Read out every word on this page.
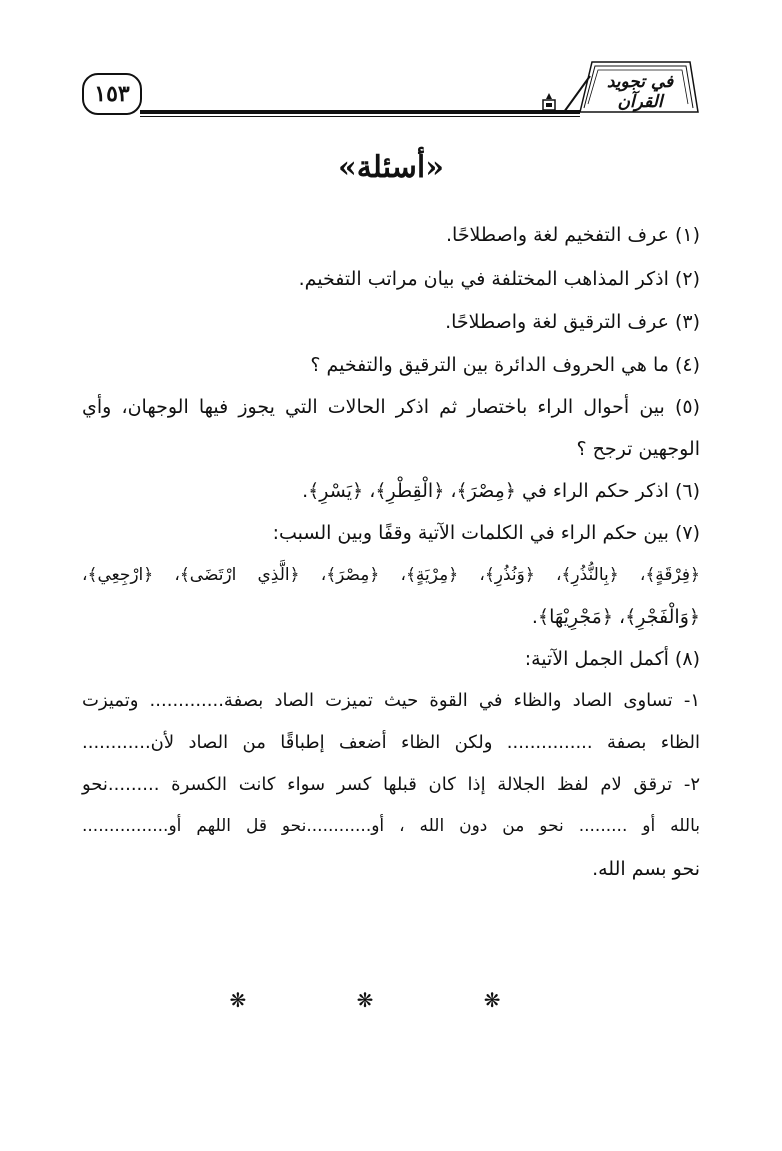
١٥٣	في تجويد القرآن
«أسئلة»
(١) عرف التفخيم لغة واصطلاحًا.
(٢) اذكر المذاهب المختلفة في بيان مراتب التفخيم.
(٣) عرف الترقيق لغة واصطلاحًا.
(٤) ما هي الحروف الدائرة بين الترقيق والتفخيم ؟
(٥) بين أحوال الراء باختصار ثم اذكر الحالات التي يجوز فيها الوجهان، وأي
الوجهين ترجح ؟
(٦) اذكر حكم الراء في ﴿مِصْرَ﴾، ﴿الْقِطْرِ﴾، ﴿يَسْرِ﴾.
(٧) بين حكم الراء في الكلمات الآتية وقفًا وبين السبب:
﴿فِرْقَةٍ﴾، ﴿بِالنُّذُرِ﴾، ﴿وَنُذُرِ﴾، ﴿مِرْيَةٍ﴾، ﴿مِصْرَ﴾، ﴿الَّذِي ارْتَضَى﴾، ﴿ارْجِعِي﴾،
﴿وَالْفَجْرِ﴾، ﴿مَجْرِيْهَا﴾.
(٨) أكمل الجمل الآتية:
١- تساوى الصاد والظاء في القوة حيث تميزت الصاد بصفة............. وتميزت
الظاء بصفة ............... ولكن الظاء أضعف إطباقًا من الصاد لأن............
٢- ترقق لام لفظ الجلالة إذا كان قبلها كسر سواء كانت الكسرة .........نحو
بالله أو ......... نحو من دون الله ، أو............نحو قل اللهم أو................
نحو بسم الله.
❋ ❋ ❋
